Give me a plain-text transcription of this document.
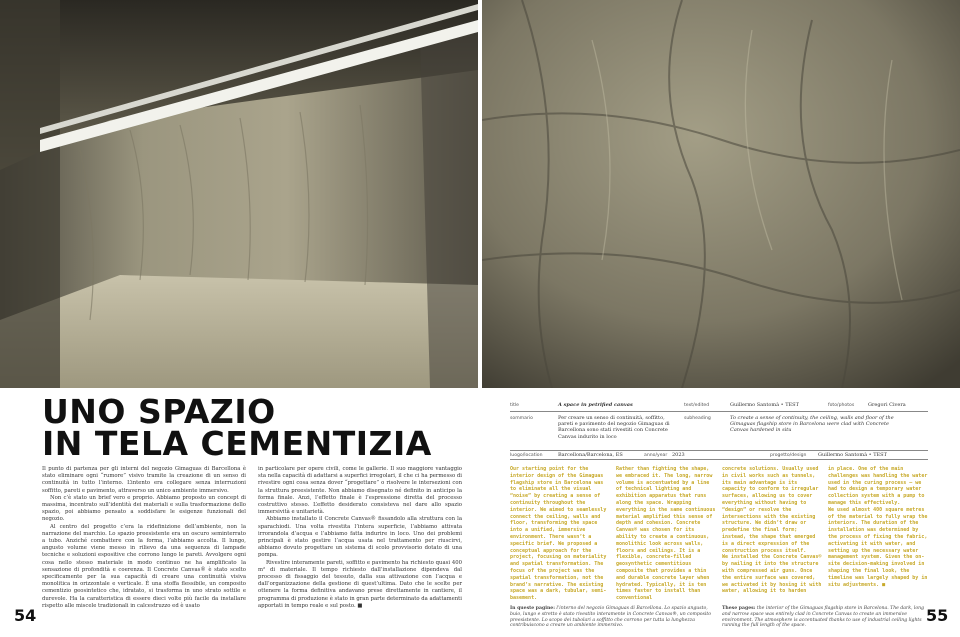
UNO SPAZIO
IN TELA CEMENTIZIA

Il punto di partenza per gli interni del negozio Gimaguas di Barcellona è stato eliminare ogni “rumore” visivo tramite la creazione di un senso di continuità in tutto l’interno. L’intento era collegare senza interruzioni soffitto, pareti e pavimento, attraverso un unico ambiente immersivo.

Non c’è stato un brief vero e proprio. Abbiamo proposto un concept di massima, incentrato sull’identità dei materiali e sulla trasformazione dello spazio, poi abbiamo pensato a soddisfare le esigenze funzionali del negozio.

Al centro del progetto c’era la ridefinizione dell’ambiente, non la narrazione del marchio. Lo spazio preesistente era un oscuro seminterrato a tubo. Anziché combattere con la forma, l’abbiamo accolta. Il lungo, angusto volume viene messo in rilievo da una sequenza di lampade tecniche e soluzioni espositive che corrono lungo le pareti. Avvolgere ogni cosa nello stesso materiale in modo continuo ne ha amplificato la sensazione di profondità e coerenza. Il Concrete Canvas® è stato scelto specificamente per la sua capacità di creare una continuità visiva monolitica in orizzontale e verticale. È una stoffa flessibile, un composito cementizio geosintetico che, idratato, si trasforma in uno strato sottile e durevole. Ha la caratteristica di essere dieci volte più facile da installare rispetto alle miscele tradizionali in calcestruzzo ed è usato

in particolare per opere civili, come le gallerie. Il suo maggiore vantaggio sta nella capacità di adattarsi a superfici irregolari, il che ci ha permesso di rivestire ogni cosa senza dover “progettare” o risolvere le intersezioni con la struttura preesistente. Non abbiamo disegnato né definito in anticipo la forma finale. Anzi, l’effetto finale è l’espressione diretta del processo costruttivo stesso. L’effetto desiderato consisteva nel dare allo spazio immersività e unitarietà.

Abbiamo installato il Concrete Canvas® fissandolo alla struttura con la sparachiodi. Una volta rivestita l’intera superficie, l’abbiamo attivata irrorandola d’acqua e l’abbiamo fatta indurire in loco. Uno dei problemi principali è stato gestire l’acqua usata nel trattamento per riuscirvi, abbiamo dovuto progettare un sistema di scolo provvisorio dotato di una pompa.

Rivestire interamente pareti, soffitto e pavimento ha richiesto quasi 400 m² di materiale. Il tempo richiesto dall’installazione dipendeva dal processo di fissaggio del tessuto, dalla sua attivazione con l’acqua e dall’organizzazione della gestione di quest’ultima. Dato che le scelte per ottenere la forma definitiva andavano prese direttamente in cantiere, il programma di produzione è stato in gran parte determinato da adattamenti apportati in tempo reale e sul posto. ■

54
title	A space in petrified canvas	text/edited	Guillermo Santomà • TEST	foto/photos	Gregori Civera
sommario	Per creare un senso di continuità, soffitto, pareti e pavimento del negozio Gimaguas di Barcellona sono stati rivestiti con Concrete Canvas indurito in loco
subheading	To create a sense of continuity, the ceiling, walls and floor of the Gimaguas flagship store in Barcelona were clad with Concrete Canvas hardened in situ
luogo/location	Barcellona/Barcelona, ES	anno/year 2023	progetto/design Guillermo Santomà • TEST

Our starting point for the interior design of the Gimaguas flagship store in Barcelona was to eliminate all the visual “noise” by creating a sense of continuity throughout the interior. We aimed to seamlessly connect the ceiling, walls and floor, transforming the space into a unified, immersive environment. There wasn’t a specific brief. We proposed a conceptual approach for the project, focusing on materiality and spatial transformation. The focus of the project was the spatial transformation, not the brand’s narrative. The existing space was a dark, tubular, semi-basement.

Rather than fighting the shape, we embraced it. The long, narrow volume is accentuated by a line of technical lighting and exhibition apparatus that runs along the space. Wrapping everything in the same continuous material amplified this sense of depth and cohesion. Concrete Canvas® was chosen for its ability to create a continuous, monolithic look across walls, floors and ceilings. It is a flexible, concrete-filled geosynthetic cementitious composite that provides a thin and durable concrete layer when hydrated. Typically, it is ten times faster to install than conventional

concrete solutions. Usually used in civil works such as tunnels, its main advantage is its capacity to conform to irregular surfaces, allowing us to cover everything without having to “design” or resolve the intersections with the existing structure. We didn’t draw or predefine the final form; instead, the shape that emerged is a direct expression of the construction process itself.

We installed the Concrete Canvas® by nailing it into the structure with compressed air guns. Once the entire surface was covered, we activated it by hosing it with water, allowing it to harden

in place. One of the main challenges was handling the water used in the curing process – we had to design a temporary water collection system with a pump to manage this effectively.

We used almost 400 square metres of the material to fully wrap the interiors. The duration of the installation was determined by the process of fixing the fabric, activating it with water, and setting up the necessary water management system. Given the on-site decision-making involved in shaping the final look, the timeline was largely shaped by in situ adjustments. ■

In queste pagine: l’interno del negozio Gimaguas di Barcellona. Lo spazio angusto, buio, lungo e stretto è stato rivestito interamente in Concrete Canvas®, un composito preesistente. Lo scopo dei tubolari a soffitto che corrono per tutta la lunghezza contribuiscono a creare un ambiente immersivo.
These pages: the interior of the Gimaguas flagship store in Barcelona. The dark, long and narrow space was entirely clad in Concrete Canvas to create an immersive environment. The atmosphere is accentuated thanks to use of industrial ceiling lights running the full length of the space.
55
